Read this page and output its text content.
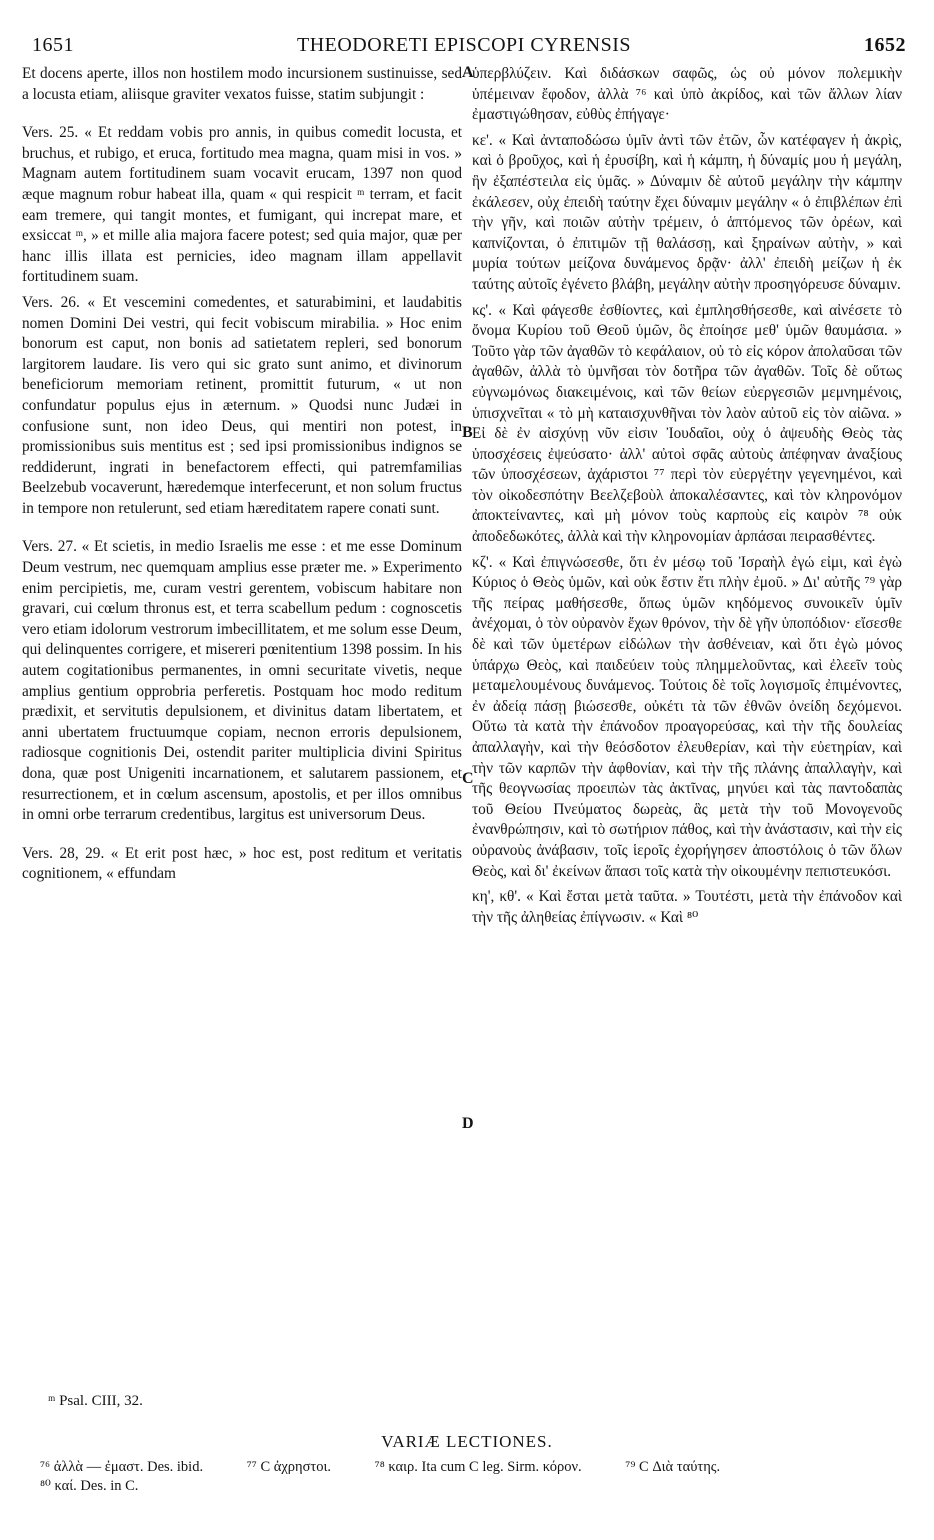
1651	THEODORETI EPISCOPI CYRENSIS	1652

Et docens aperte, illos non hostilem modo incursionem sustinuisse, sed a locusta etiam, aliisque graviter vexatos fuisse, statim subjungit :

Vers. 25. « Et reddam vobis pro annis, in quibus comedit locusta, et bruchus, et rubigo, et eruca, fortitudo mea magna, quam misi in vos. » Magnam autem fortitudinem suam vocavit erucam, 1397 non quod æque magnum robur habeat illa, quam « qui respicit ᵐ terram, et facit eam tremere, qui tangit montes, et fumigant, qui increpat mare, et exsiccat ᵐ, » et mille alia majora facere potest; sed quia major, quæ per hanc illis illata est pernicies, ideo magnam illam appellavit fortitudinem suam.

Vers. 26. « Et vescemini comedentes, et saturabimini, et laudabitis nomen Domini Dei vestri, qui fecit vobiscum mirabilia. » Hoc enim bonorum est caput, non bonis ad satietatem repleri, sed bonorum largitorem laudare. Iis vero qui sic grato sunt animo, et divinorum beneficiorum memoriam retinent, promittit futurum, « ut non confundatur populus ejus in æternum. » Quodsi nunc Judæi in confusione sunt, non ideo Deus, qui mentiri non potest, in promissionibus suis mentitus est ; sed ipsi promissionibus indignos se reddiderunt, ingrati in benefactorem effecti, qui patremfamilias Beelzebub vocaverunt, hæredemque interfecerunt, et non solum fructus in tempore non retulerunt, sed etiam hæreditatem rapere conati sunt.

Vers. 27. « Et scietis, in medio Israelis me esse : et me esse Dominum Deum vestrum, nec quemquam amplius esse præter me. » Experimento enim percipietis, me, curam vestri gerentem, vobiscum habitare non gravari, cui cœlum thronus est, et terra scabellum pedum : cognoscetis vero etiam idolorum vestrorum imbecillitatem, et me solum esse Deum, qui delinquentes corrigere, et misereri pœnitentium 1398 possim. In his autem cogitationibus permanentes, in omni securitate vivetis, neque amplius gentium opprobria perferetis. Postquam hoc modo reditum prædixit, et servitutis depulsionem, et divinitus datam libertatem, et anni ubertatem fructuumque copiam, necnon erroris depulsionem, radiosque cognitionis Dei, ostendit pariter multiplicia divini Spiritus dona, quæ post Unigeniti incarnationem, et salutarem passionem, et resurrectionem, et in cœlum ascensum, apostolis, et per illos omnibus in omni orbe terrarum credentibus, largitus est universorum Deus.

Vers. 28, 29. « Et erit post hæc, » hoc est, post reditum et veritatis cognitionem, « effundam

ὑπερβλύζειν. Καὶ διδάσκων σαφῶς, ὡς οὐ μόνον πολεμικὴν ὑπέμειναν ἔφοδον, ἀλλὰ ⁷⁶ καὶ ὑπὸ ἀκρίδος, καὶ τῶν ἄλλων λίαν ἐμαστιγώθησαν, εὐθὺς ἐπήγαγε·

κε'. « Καὶ ἀνταποδώσω ὑμῖν ἀντὶ τῶν ἐτῶν, ὧν κατέφαγεν ἡ ἀκρὶς, καὶ ὁ βροῦχος, καὶ ἡ ἐρυσίβη, καὶ ἡ κάμπη, ἡ δύναμίς μου ἡ μεγάλη, ἣν ἐξαπέστειλα εἰς ὑμᾶς. » Δύναμιν δὲ αὐτοῦ μεγάλην τὴν κάμπην ἐκάλεσεν, οὐχ ἐπειδὴ ταύτην ἔχει δύναμιν μεγάλην « ὁ ἐπιβλέπων ἐπὶ τὴν γῆν, καὶ ποιῶν αὐτὴν τρέμειν, ὁ ἁπτόμενος τῶν ὀρέων, καὶ καπνίζονται, ὁ ἐπιτιμῶν τῇ θαλάσσῃ, καὶ ξηραίνων αὐτὴν, » καὶ μυρία τούτων μείζονα δυνάμενος δρᾷν· ἀλλ' ἐπειδὴ μείζων ἡ ἐκ ταύτης αὐτοῖς ἐγένετο βλάβη, μεγάλην αὐτὴν προσηγόρευσε δύναμιν.

κς'. « Καὶ φάγεσθε ἐσθίοντες, καὶ ἐμπλησθήσεσθε, καὶ αἰνέσετε τὸ ὄνομα Κυρίου τοῦ Θεοῦ ὑμῶν, ὃς ἐποίησε μεθ' ὑμῶν θαυμάσια. » Τοῦτο γὰρ τῶν ἀγαθῶν τὸ κεφάλαιον, οὐ τὸ εἰς κόρον ἀπολαῦσαι τῶν ἀγαθῶν, ἀλλὰ τὸ ὑμνῆσαι τὸν δοτῆρα τῶν ἀγαθῶν. Τοῖς δὲ οὕτως εὐγνωμόνως διακειμένοις, καὶ τῶν θείων εὐεργεσιῶν μεμνημένοις, ὑπισχνεῖται « τὸ μὴ καταισχυνθῆναι τὸν λαὸν αὐτοῦ εἰς τὸν αἰῶνα. » Εἰ δὲ ἐν αἰσχύνῃ νῦν εἰσιν Ἰουδαῖοι, οὐχ ὁ ἀψευδὴς Θεὸς τὰς ὑποσχέσεις ἐψεύσατο· ἀλλ' αὐτοὶ σφᾶς αὐτοὺς ἀπέφηναν ἀναξίους τῶν ὑποσχέσεων, ἀχάριστοι ⁷⁷ περὶ τὸν εὐεργέτην γεγενημένοι, καὶ τὸν οἰκοδεσπότην Βεελζεβοὺλ ἀποκαλέσαντες, καὶ τὸν κληρονόμον ἀποκτείναντες, καὶ μὴ μόνον τοὺς καρποὺς εἰς καιρὸν ⁷⁸ οὐκ ἀποδεδωκότες, ἀλλὰ καὶ τὴν κληρονομίαν ἁρπάσαι πειρασθέντες.

κζ'. « Καὶ ἐπιγνώσεσθε, ὅτι ἐν μέσῳ τοῦ Ἰσραὴλ ἐγώ εἰμι, καὶ ἐγὼ Κύριος ὁ Θεὸς ὑμῶν, καὶ οὐκ ἔστιν ἔτι πλὴν ἐμοῦ. » Δι' αὐτῆς ⁷⁹ γὰρ τῆς πείρας μαθήσεσθε, ὅπως ὑμῶν κηδόμενος συνοικεῖν ὑμῖν ἀνέχομαι, ὁ τὸν οὐρανὸν ἔχων θρόνον, τὴν δὲ γῆν ὑποπόδιον· εἴσεσθε δὲ καὶ τῶν ὑμετέρων εἰδώλων τὴν ἀσθένειαν, καὶ ὅτι ἐγὼ μόνος ὑπάρχω Θεὸς, καὶ παιδεύειν τοὺς πλημμελοῦντας, καὶ ἐλεεῖν τοὺς μεταμελουμένους δυνάμενος. Τούτοις δὲ τοῖς λογισμοῖς ἐπιμένοντες, ἐν ἀδείᾳ πάσῃ βιώσεσθε, οὐκέτι τὰ τῶν ἐθνῶν ὀνείδη δεχόμενοι. Οὕτω τὰ κατὰ τὴν ἐπάνοδον προαγορεύσας, καὶ τὴν τῆς δουλείας ἀπαλλαγὴν, καὶ τὴν θεόσδοτον ἐλευθερίαν, καὶ τὴν εὐετηρίαν, καὶ τὴν τῶν καρπῶν τὴν ἀφθονίαν, καὶ τὴν τῆς πλάνης ἀπαλλαγὴν, καὶ τῆς θεογνωσίας προειπὼν τὰς ἀκτῖνας, μηνύει καὶ τὰς παντοδαπὰς τοῦ Θείου Πνεύματος δωρεὰς, ἃς μετὰ τὴν τοῦ Μονογενοῦς ἐνανθρώπησιν, καὶ τὸ σωτήριον πάθος, καὶ τὴν ἀνάστασιν, καὶ τὴν εἰς οὐρανοὺς ἀνάβασιν, τοῖς ἱεροῖς ἐχορήγησεν ἀποστόλοις ὁ τῶν ὅλων Θεὸς, καὶ δι' ἐκείνων ἅπασι τοῖς κατὰ τὴν οἰκουμένην πεπιστευκόσι.

κη', κθ'. « Καὶ ἔσται μετὰ ταῦτα. » Τουτέστι, μετὰ τὴν ἐπάνοδον καὶ τὴν τῆς ἀληθείας ἐπίγνωσιν. « Καὶ ⁸⁰

A
B
C
D
ᵐ Psal. CIII, 32.
VARIÆ LECTIONES.
⁷⁶ ἀλλὰ — ἐμαστ. Des. ibid.	⁷⁷ C ἀχρηστοι.	⁷⁸ καιρ. Ita cum C leg. Sirm. κόρον.	⁷⁹ C Διὰ ταύτης.
⁸⁰ καί. Des. in C.
